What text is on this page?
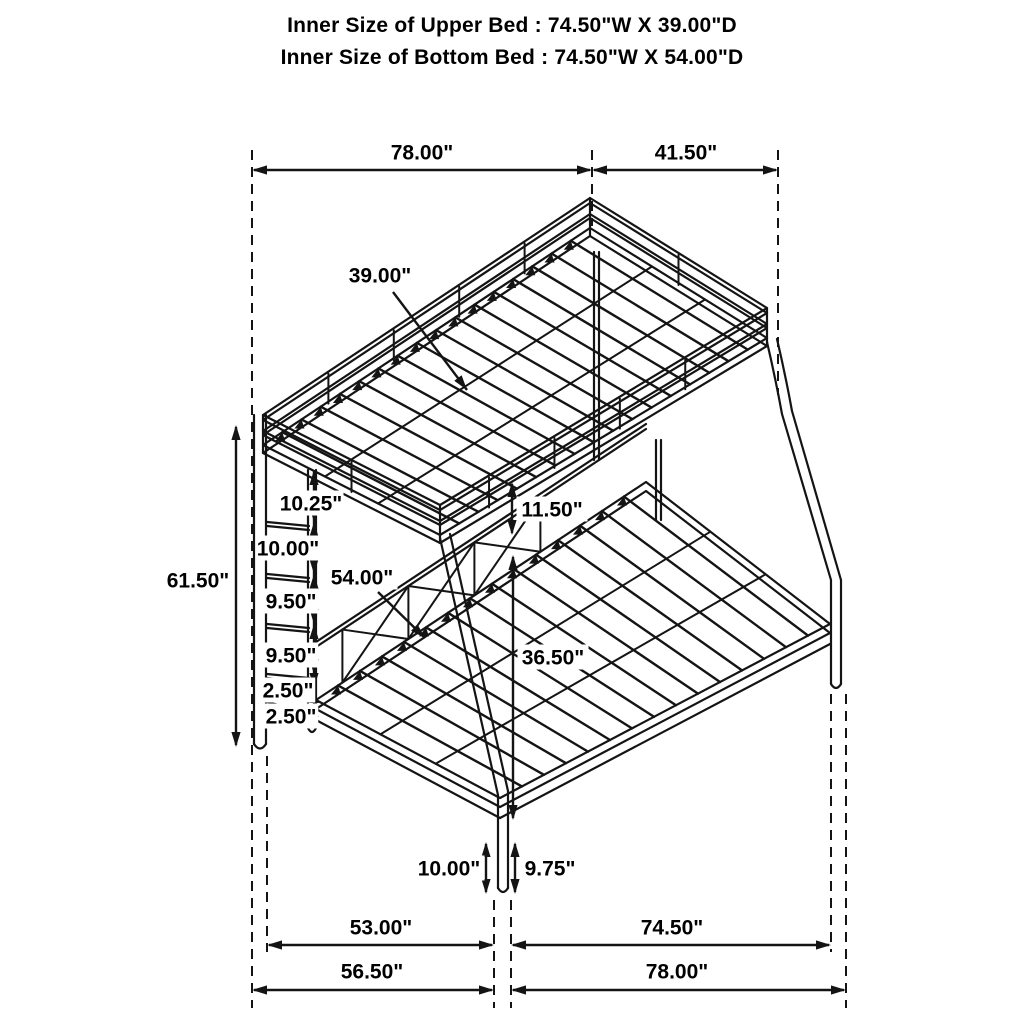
Inner Size of Upper Bed : 74.50"W X 39.00"D
Inner Size of Bottom Bed : 74.50"W X 54.00"D
78.00"	41.50"
53.00"	74.50"
56.50"	78.00"
61.50"
11.50"
36.50"
10.00" 9.75"
39.00"
54.00"
10.25"
10.00"
9.50"
9.50"
2.50"
2.50"
